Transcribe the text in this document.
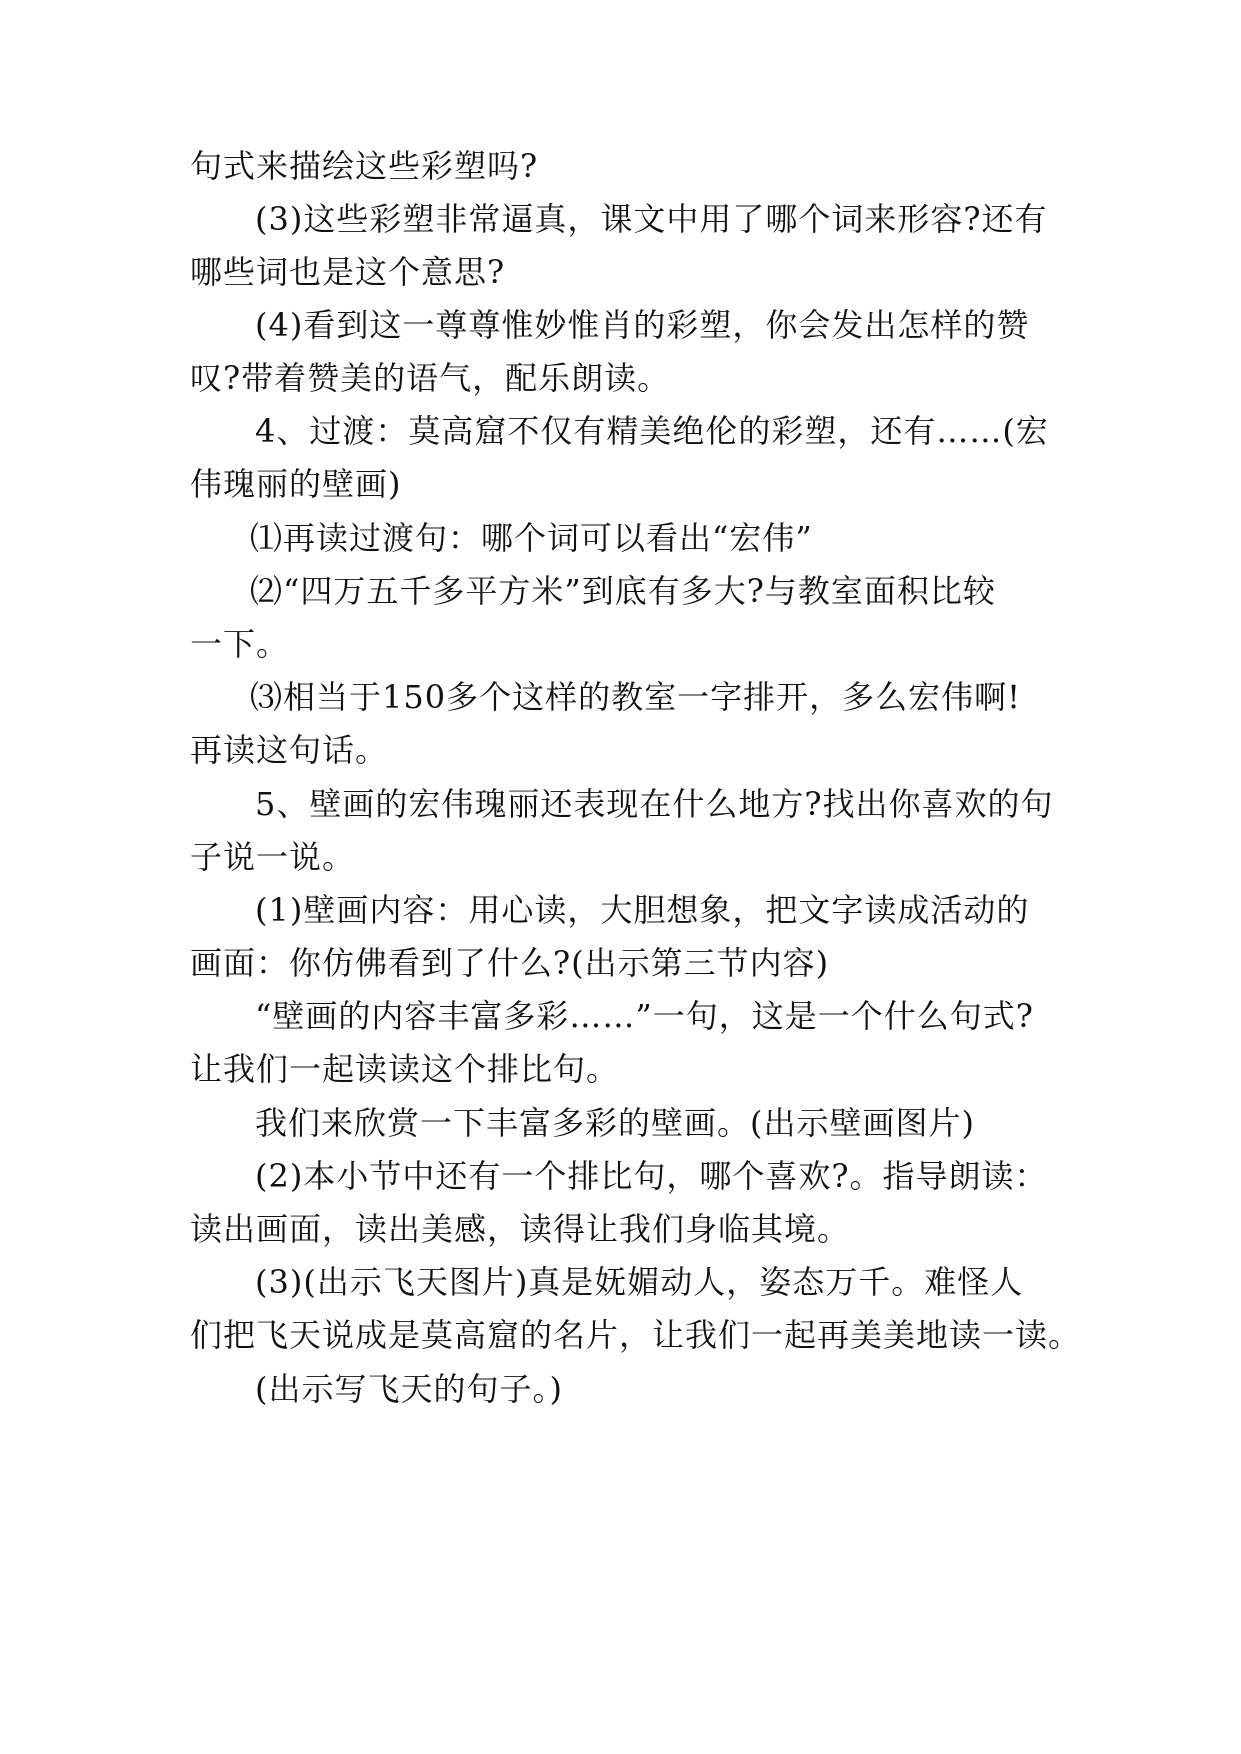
句式来描绘这些彩塑吗?
(3)这些彩塑非常逼真，课文中用了哪个词来形容?还有
哪些词也是这个意思?
(4)看到这一尊尊惟妙惟肖的彩塑，你会发出怎样的赞
叹?带着赞美的语气，配乐朗读。
4、过渡：莫高窟不仅有精美绝伦的彩塑，还有……(宏
伟瑰丽的壁画)
⑴再读过渡句：哪个词可以看出“宏伟”
⑵“四万五千多平方米”到底有多大?与教室面积比较
一下。
⑶相当于150多个这样的教室一字排开，多么宏伟啊!
再读这句话。
5、壁画的宏伟瑰丽还表现在什么地方?找出你喜欢的句
子说一说。
(1)壁画内容：用心读，大胆想象，把文字读成活动的
画面：你仿佛看到了什么?(出示第三节内容)
“壁画的内容丰富多彩……”一句，这是一个什么句式?
让我们一起读读这个排比句。
我们来欣赏一下丰富多彩的壁画。(出示壁画图片)
(2)本小节中还有一个排比句，哪个喜欢?。指导朗读：
读出画面，读出美感，读得让我们身临其境。
(3)(出示飞天图片)真是妩媚动人，姿态万千。难怪人
们把飞天说成是莫高窟的名片，让我们一起再美美地读一读。
(出示写飞天的句子。)
